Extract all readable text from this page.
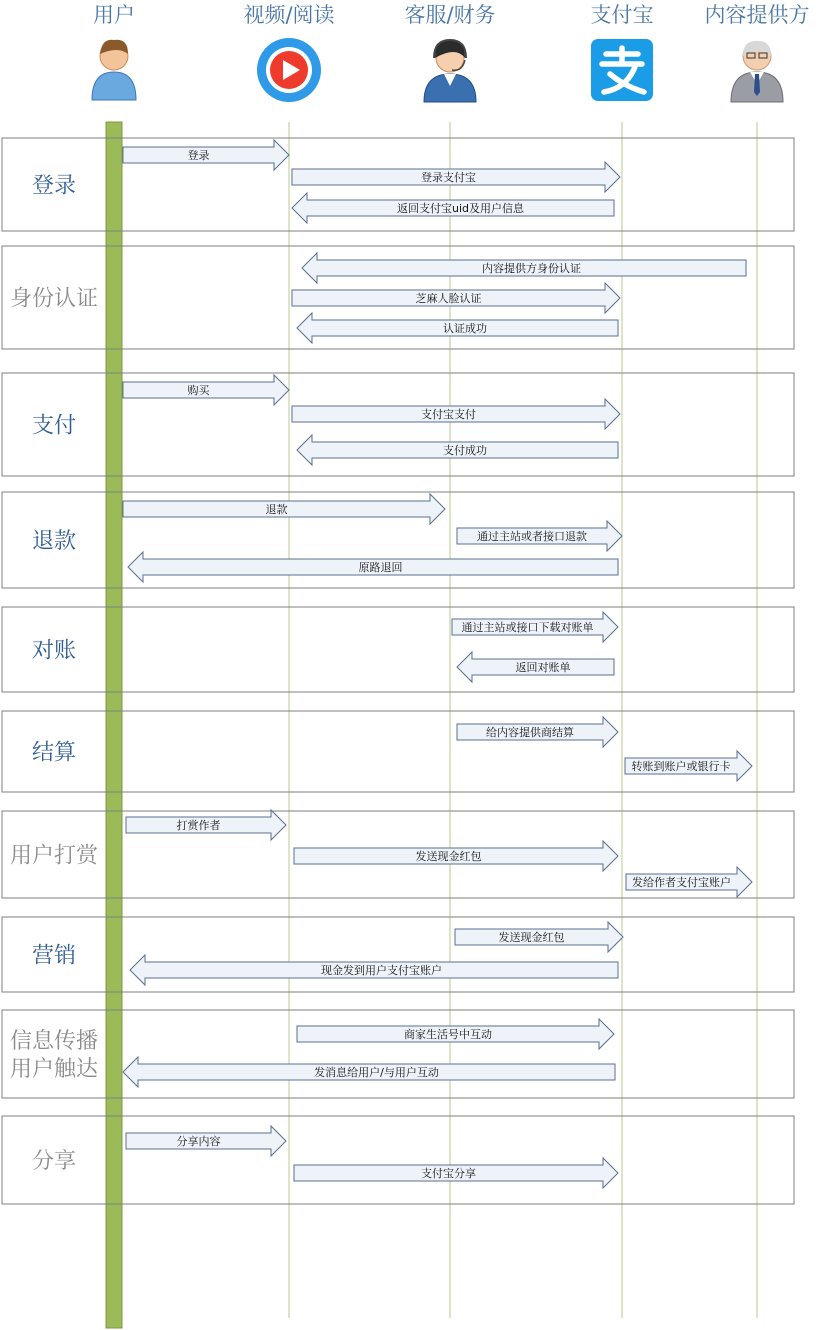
用户	视频/阅读	客服/财务	支付宝 内容提供方
登录
登录
登录支付宝
返回支付宝uid及用户信息
身份认证
内容提供方身份认证
芝麻人脸认证
认证成功
支付
购买
支付宝支付
支付成功
退款
退款
通过主站或者接口退款
原路退回
对账
通过主站或接口下载对账单
返回对账单
结算
给内容提供商结算
转账到账户或银行卡
用户打赏
打赏作者
发送现金红包
发给作者支付宝账户
营销
发送现金红包
现金发到用户支付宝账户
信息传播用户触达
商家生活号中互动
发消息给用户/与用户互动
分享
分享内容
支付宝分享
